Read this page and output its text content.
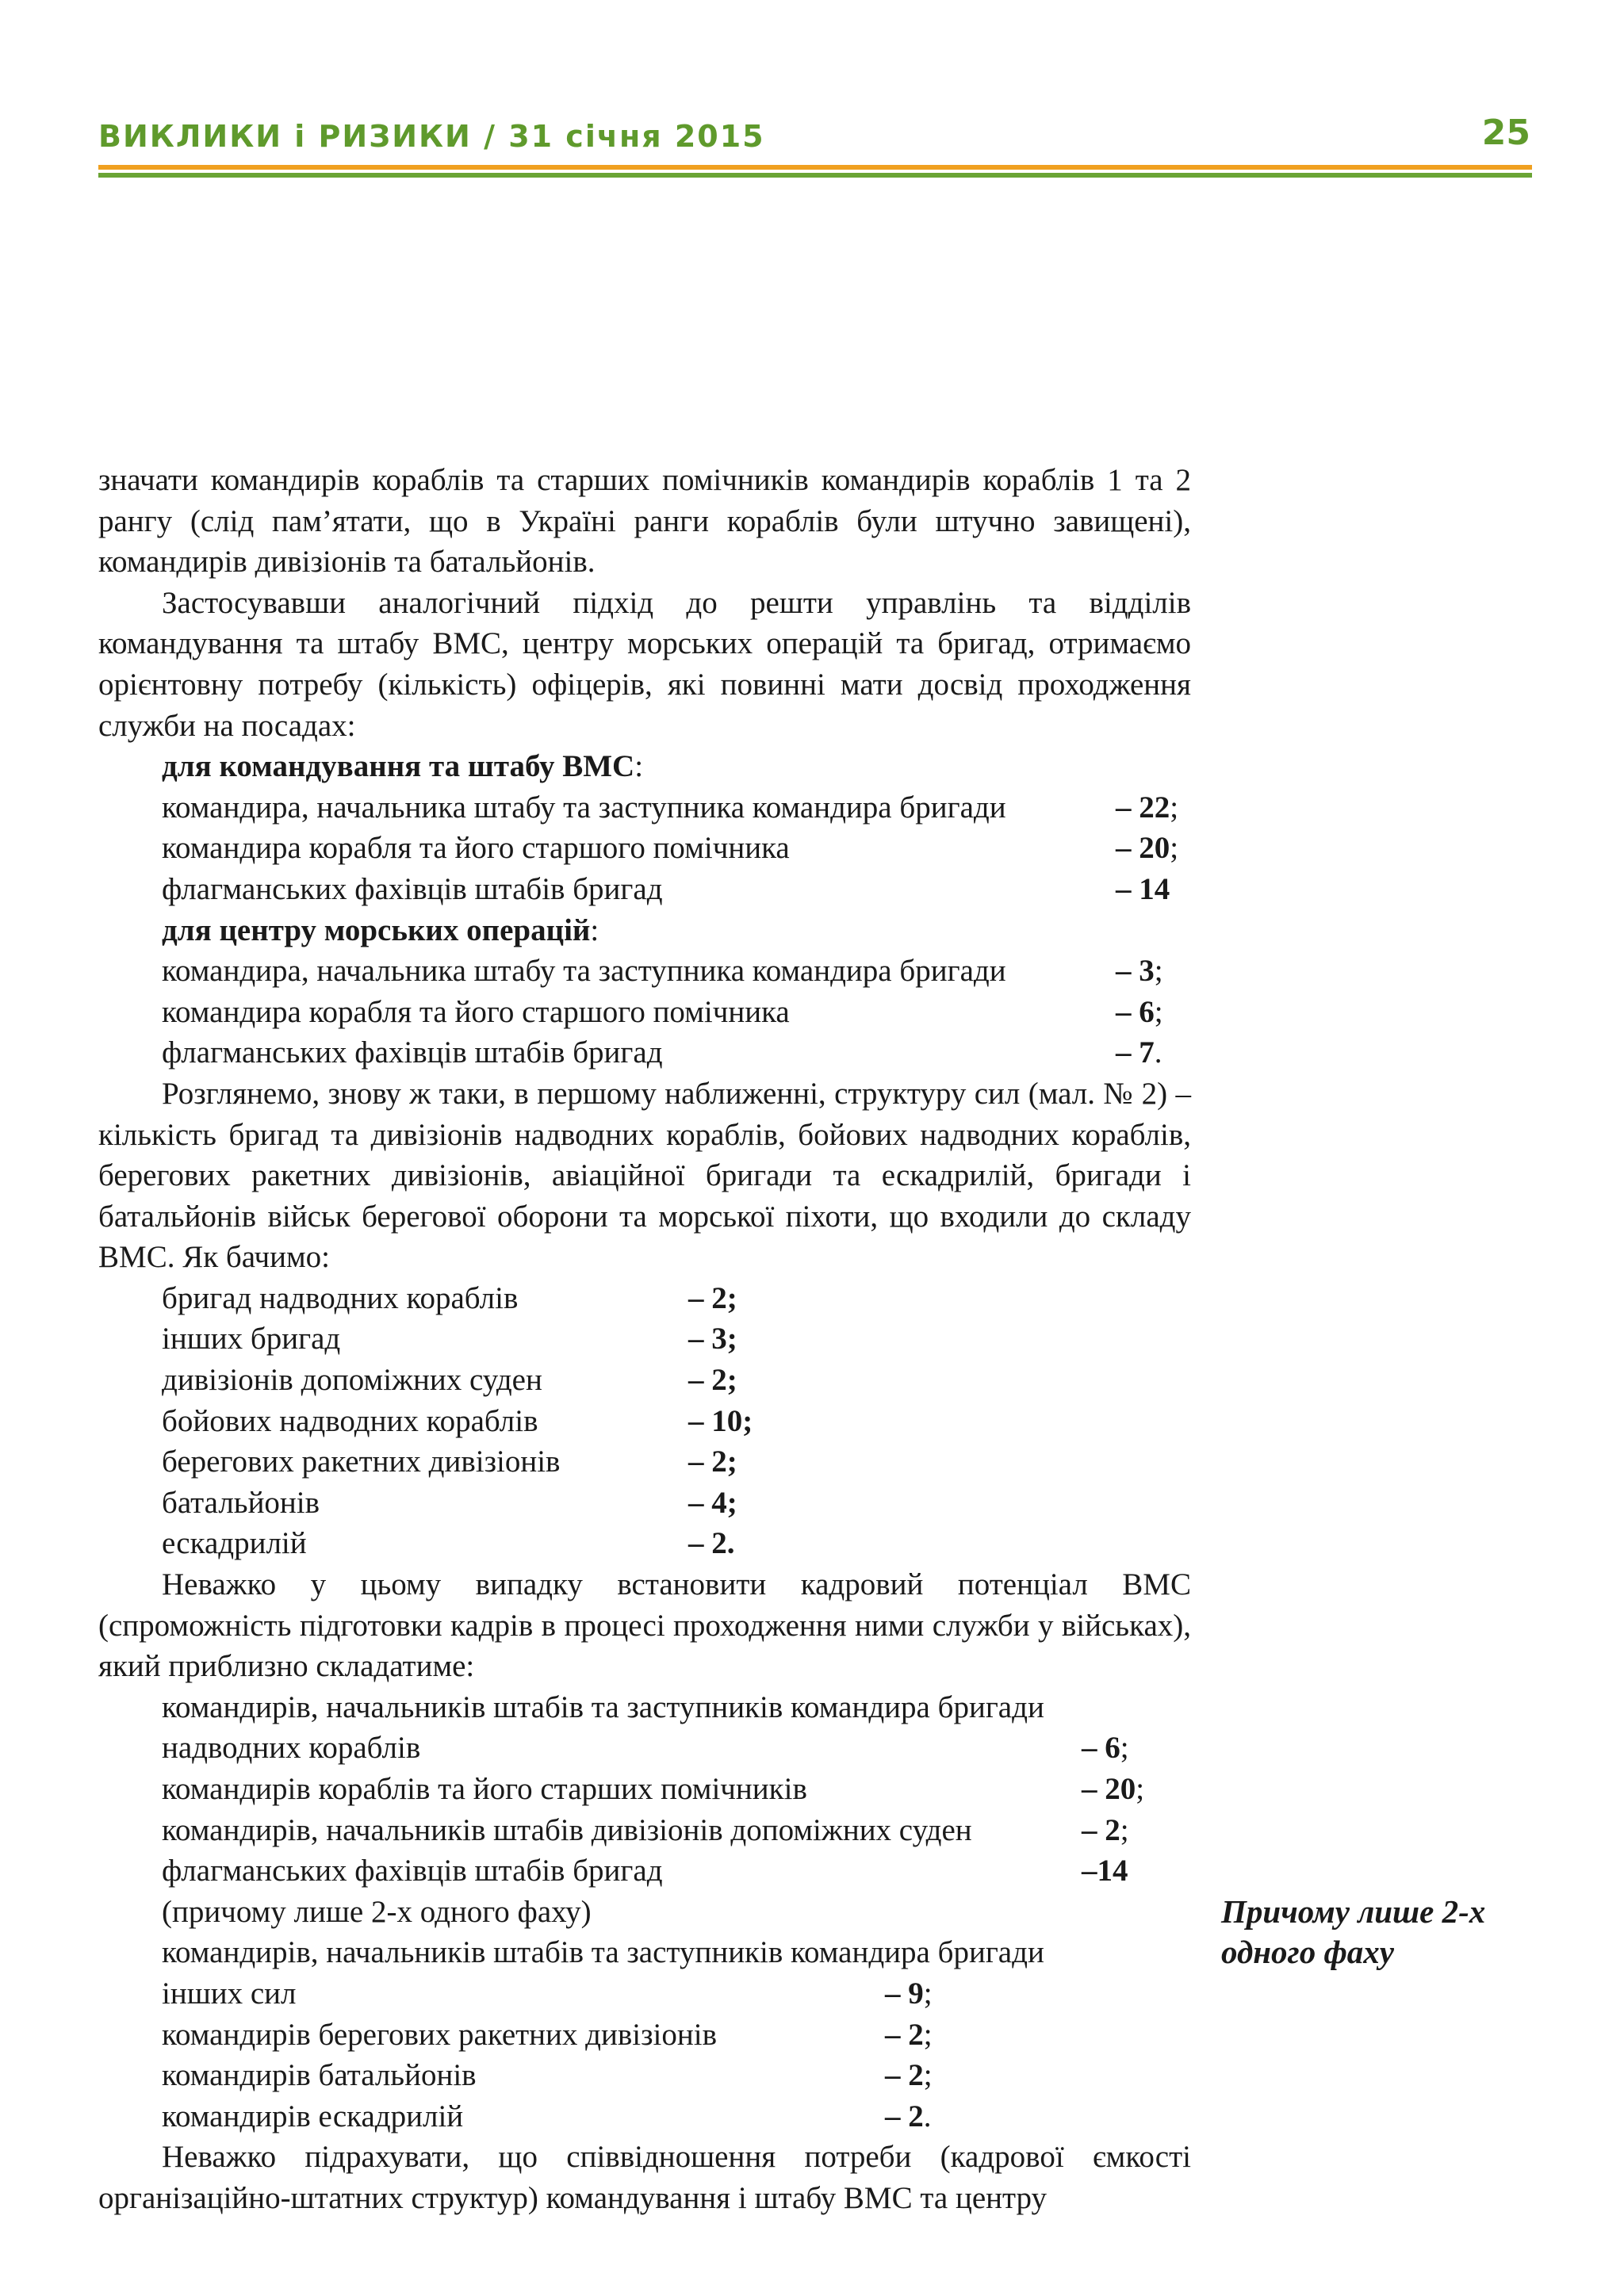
ВИКЛИКИ і РИЗИКИ / 31 січня 2015	25

значати командирів кораблів та старших помічників командирів кораблів 1 та 2 рангу (слід пам’ятати, що в Україні ранги кораблів були штучно завищені), командирів дивізіонів та батальйонів.

Застосувавши аналогічний підхід до решти управлінь та відділів командування та штабу ВМС, центру морських операцій та бригад, отримаємо орієнтовну потребу (кількість) офіцерів, які повинні мати досвід проходження служби на посадах:

для командування та штабу ВМС:
командира, начальника штабу та заступника командира бригади	– 22;
командира корабля та його старшого помічника	– 20;
флагманських фахівців штабів бригад	– 14
для центру морських операцій:
командира, начальника штабу та заступника командира бригади	– 3;
командира корабля та його старшого помічника	– 6;
флагманських фахівців штабів бригад	– 7.

Розглянемо, знову ж таки, в першому наближенні, структуру сил (мал. № 2) – кількість бригад та дивізіонів надводних кораблів, бойових надводних кораблів, берегових ракетних дивізіонів, авіаційної бригади та ескадрилій, бригади і батальйонів військ берегової оборони та морської піхоти, що входили до складу ВМС. Як бачимо:

бригад надводних кораблів	– 2;
інших бригад	– 3;
дивізіонів допоміжних суден	– 2;
бойових надводних кораблів	– 10;
берегових ракетних дивізіонів	– 2;
батальйонів	– 4;
ескадрилій	– 2.

Неважко у цьому випадку встановити кадровий потенціал ВМС (спроможність підготовки кадрів в процесі проходження ними служби у військах), який приблизно складатиме:

командирів, начальників штабів та заступників командира бригади
надводних кораблів	– 6;
командирів кораблів та його старших помічників	– 20;
командирів, начальників штабів дивізіонів допоміжних суден	– 2;
флагманських фахівців штабів бригад	–14
(причому лише 2-х одного фаху)
командирів, начальників штабів та заступників командира бригади
інших сил	– 9;
командирів берегових ракетних дивізіонів	– 2;
командирів батальйонів	– 2;
командирів ескадрилій	– 2.

Неважко підрахувати, що співвідношення потреби (кадрової ємкості організаційно-штатних структур) командування і штабу ВМС та центру

Причому лише 2-х одного фаху
